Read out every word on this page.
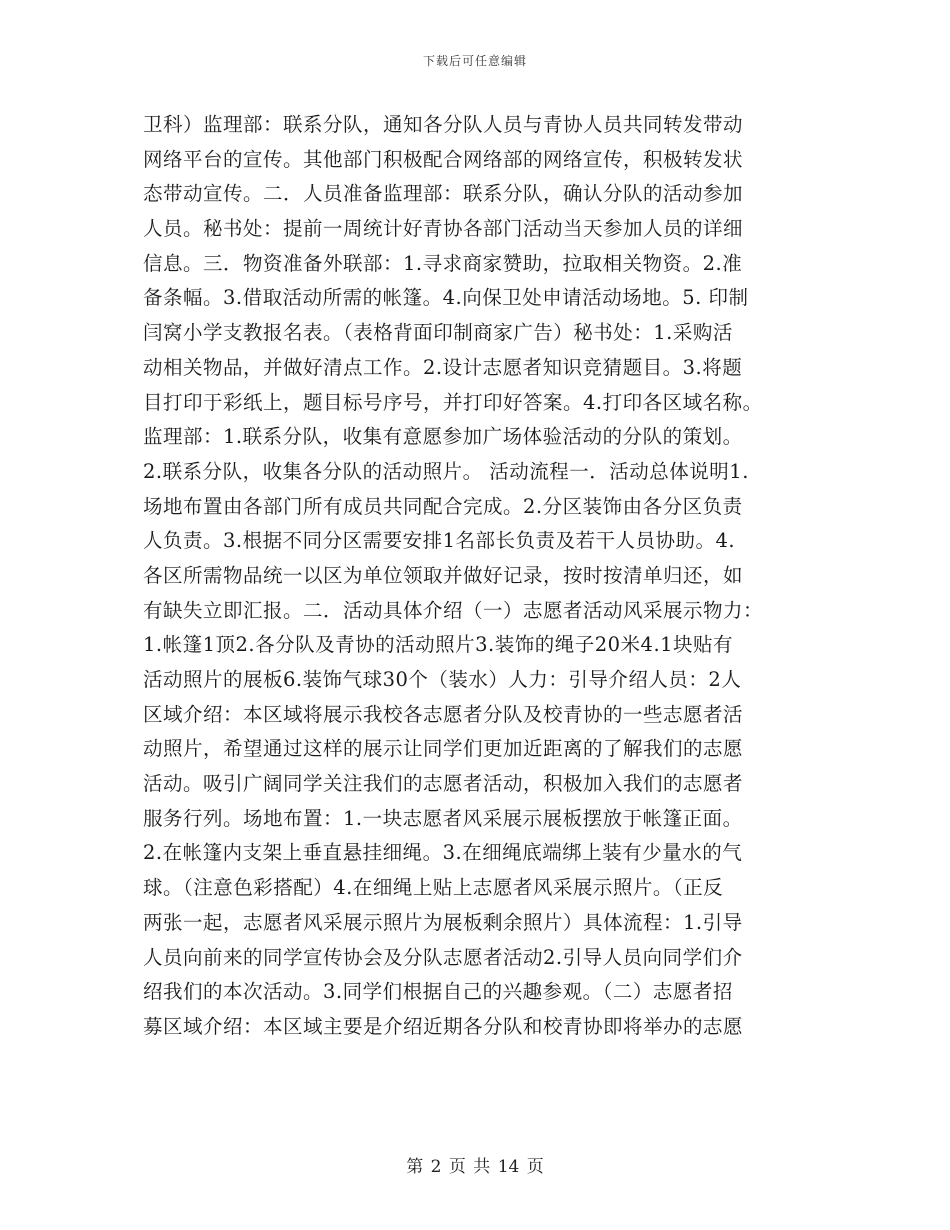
下载后可任意编辑
卫科）监理部：联系分队，通知各分队人员与青协人员共同转发带动
网络平台的宣传。其他部门积极配合网络部的网络宣传，积极转发状
态带动宣传。二．人员准备监理部：联系分队，确认分队的活动参加
人员。秘书处：提前一周统计好青协各部门活动当天参加人员的详细
信息。三．物资准备外联部：1.寻求商家赞助，拉取相关物资。2.准
备条幅。3.借取活动所需的帐篷。4.向保卫处申请活动场地。5. 印制
闫窝小学支教报名表。（表格背面印制商家广告）秘书处：1.采购活
动相关物品，并做好清点工作。2.设计志愿者知识竞猜题目。3.将题
目打印于彩纸上，题目标号序号，并打印好答案。4.打印各区域名称。
监理部：1.联系分队，收集有意愿参加广场体验活动的分队的策划。
2.联系分队，收集各分队的活动照片。 活动流程一．活动总体说明1.
场地布置由各部门所有成员共同配合完成。2.分区装饰由各分区负责
人负责。3.根据不同分区需要安排1名部长负责及若干人员协助。4.
各区所需物品统一以区为单位领取并做好记录，按时按清单归还，如
有缺失立即汇报。二．活动具体介绍（一）志愿者活动风采展示物力：
1.帐篷1顶2.各分队及青协的活动照片3.装饰的绳子20米4.1块贴有
活动照片的展板6.装饰气球30个（装水）人力：引导介绍人员：2人
区域介绍：本区域将展示我校各志愿者分队及校青协的一些志愿者活
动照片，希望通过这样的展示让同学们更加近距离的了解我们的志愿
活动。吸引广阔同学关注我们的志愿者活动，积极加入我们的志愿者
服务行列。场地布置：1.一块志愿者风采展示展板摆放于帐篷正面。
2.在帐篷内支架上垂直悬挂细绳。3.在细绳底端绑上装有少量水的气
球。（注意色彩搭配）4.在细绳上贴上志愿者风采展示照片。（正反
两张一起，志愿者风采展示照片为展板剩余照片）具体流程：1.引导
人员向前来的同学宣传协会及分队志愿者活动2.引导人员向同学们介
绍我们的本次活动。3.同学们根据自己的兴趣参观。（二）志愿者招
募区域介绍：本区域主要是介绍近期各分队和校青协即将举办的志愿
第 2 页 共 14 页
